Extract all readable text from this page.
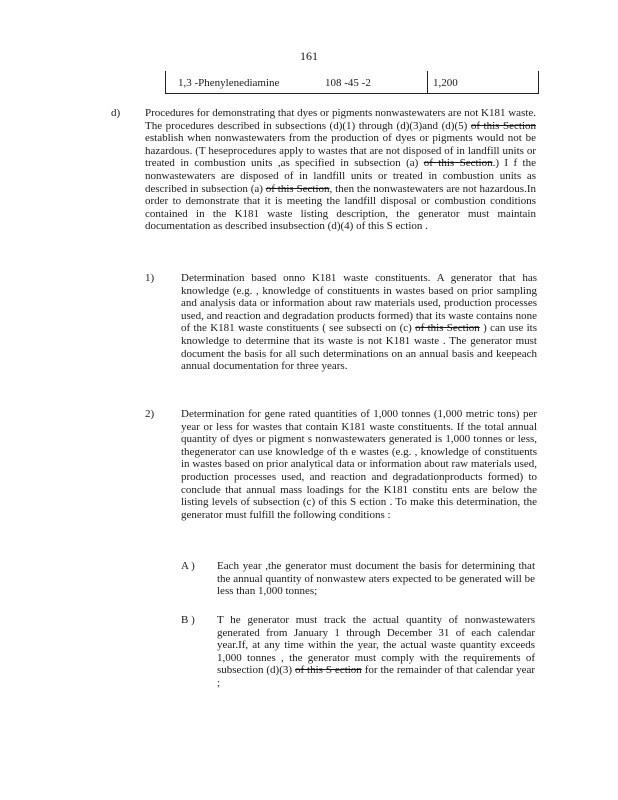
161
1,3 -Phenylenediamine	108 -45 -2	1,200
d) Procedures for demonstrating that dyes or pigments nonwastewaters are not K181 waste. The procedures described in subsections (d)(1) through (d)(3)and (d)(5) of this Section establish when nonwastewaters from the production of dyes or pigments would not be hazardous. (T heseprocedures apply to wastes that are not disposed of in landfill units or treated in combustion units ,as specified in subsection (a) of this Section.) I f the nonwastewaters are disposed of in landfill units or treated in combustion units as described in subsection (a) of this Section, then the nonwastewaters are not hazardous.In order to demonstrate that it is meeting the landfill disposal or combustion conditions contained in the K181 waste listing description, the generator must maintain documentation as described insubsection (d)(4) of this S ection .
1) Determination based onno K181 waste constituents. A generator that has knowledge (e.g. , knowledge of constituents in wastes based on prior sampling and analysis data or information about raw materials used, production processes used, and reaction and degradation products formed) that its waste contains none of the K181 waste constituents ( see subsecti on (c) of this Section ) can use its knowledge to determine that its waste is not K181 waste . The generator must document the basis for all such determinations on an annual basis and keepeach annual documentation for three years.
2) Determination for gene rated quantities of 1,000 tonnes (1,000 metric tons) per year or less for wastes that contain K181 waste constituents. If the total annual quantity of dyes or pigment s nonwastewaters generated is 1,000 tonnes or less, thegenerator can use knowledge of th e wastes (e.g. , knowledge of constituents in wastes based on prior analytical data or information about raw materials used, production processes used, and reaction and degradationproducts formed) to conclude that annual mass loadings for the K181 constitu ents are below the listing levels of subsection (c) of this S ection . To make this determination, the generator must fulfill the following conditions :
A ) Each year ,the generator must document the basis for determining that the annual quantity of nonwastew aters expected to be generated will be less than 1,000 tonnes;
B ) T he generator must track the actual quantity of nonwastewaters generated from January 1 through December 31 of each calendar year.If, at any time within the year, the actual waste quantity exceeds 1,000 tonnes , the generator must comply with the requirements of subsection (d)(3) of this S ection for the remainder of that calendar year ;
